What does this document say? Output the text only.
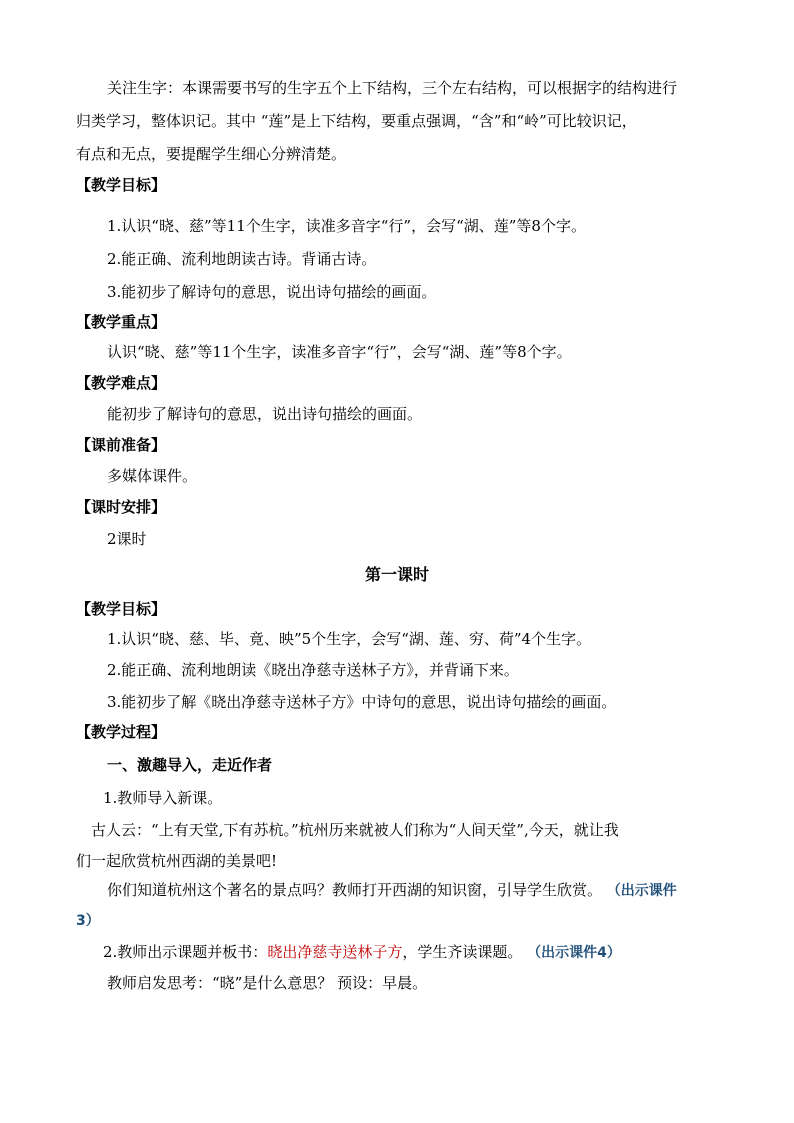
关注生字：本课需要书写的生字五个上下结构，三个左右结构，可以根据字的结构进行
归类学习，整体识记。其中 “莲”是上下结构，要重点强调，“含”和“岭”可比较识记，
有点和无点，要提醒学生细心分辨清楚。
【教学目标】
1.认识“晓、慈”等11个生字，读准多音字“行”，会写“湖、莲”等8个字。
2.能正确、流利地朗读古诗。背诵古诗。
3.能初步了解诗句的意思，说出诗句描绘的画面。
【教学重点】
认识“晓、慈”等11个生字，读准多音字“行”，会写“湖、莲”等8个字。
【教学难点】
能初步了解诗句的意思，说出诗句描绘的画面。
【课前准备】
多媒体课件。
【课时安排】
2课时
第一课时
【教学目标】
1.认识“晓、慈、毕、竟、映”5个生字，会写“湖、莲、穷、荷”4个生字。
2.能正确、流利地朗读《晓出净慈寺送林子方》，并背诵下来。
3.能初步了解《晓出净慈寺送林子方》中诗句的意思，说出诗句描绘的画面。
【教学过程】
一、激趣导入，走近作者
1.教师导入新课。
古人云：“上有天堂,下有苏杭。”杭州历来就被人们称为“人间天堂”,今天，就让我
们一起欣赏杭州西湖的美景吧!
你们知道杭州这个著名的景点吗？教师打开西湖的知识窗，引导学生欣赏。 （出示课件
3）
2.教师出示课题并板书：晓出净慈寺送林子方，学生齐读课题。 （出示课件4）
教师启发思考：“晓”是什么意思？ 预设：早晨。
